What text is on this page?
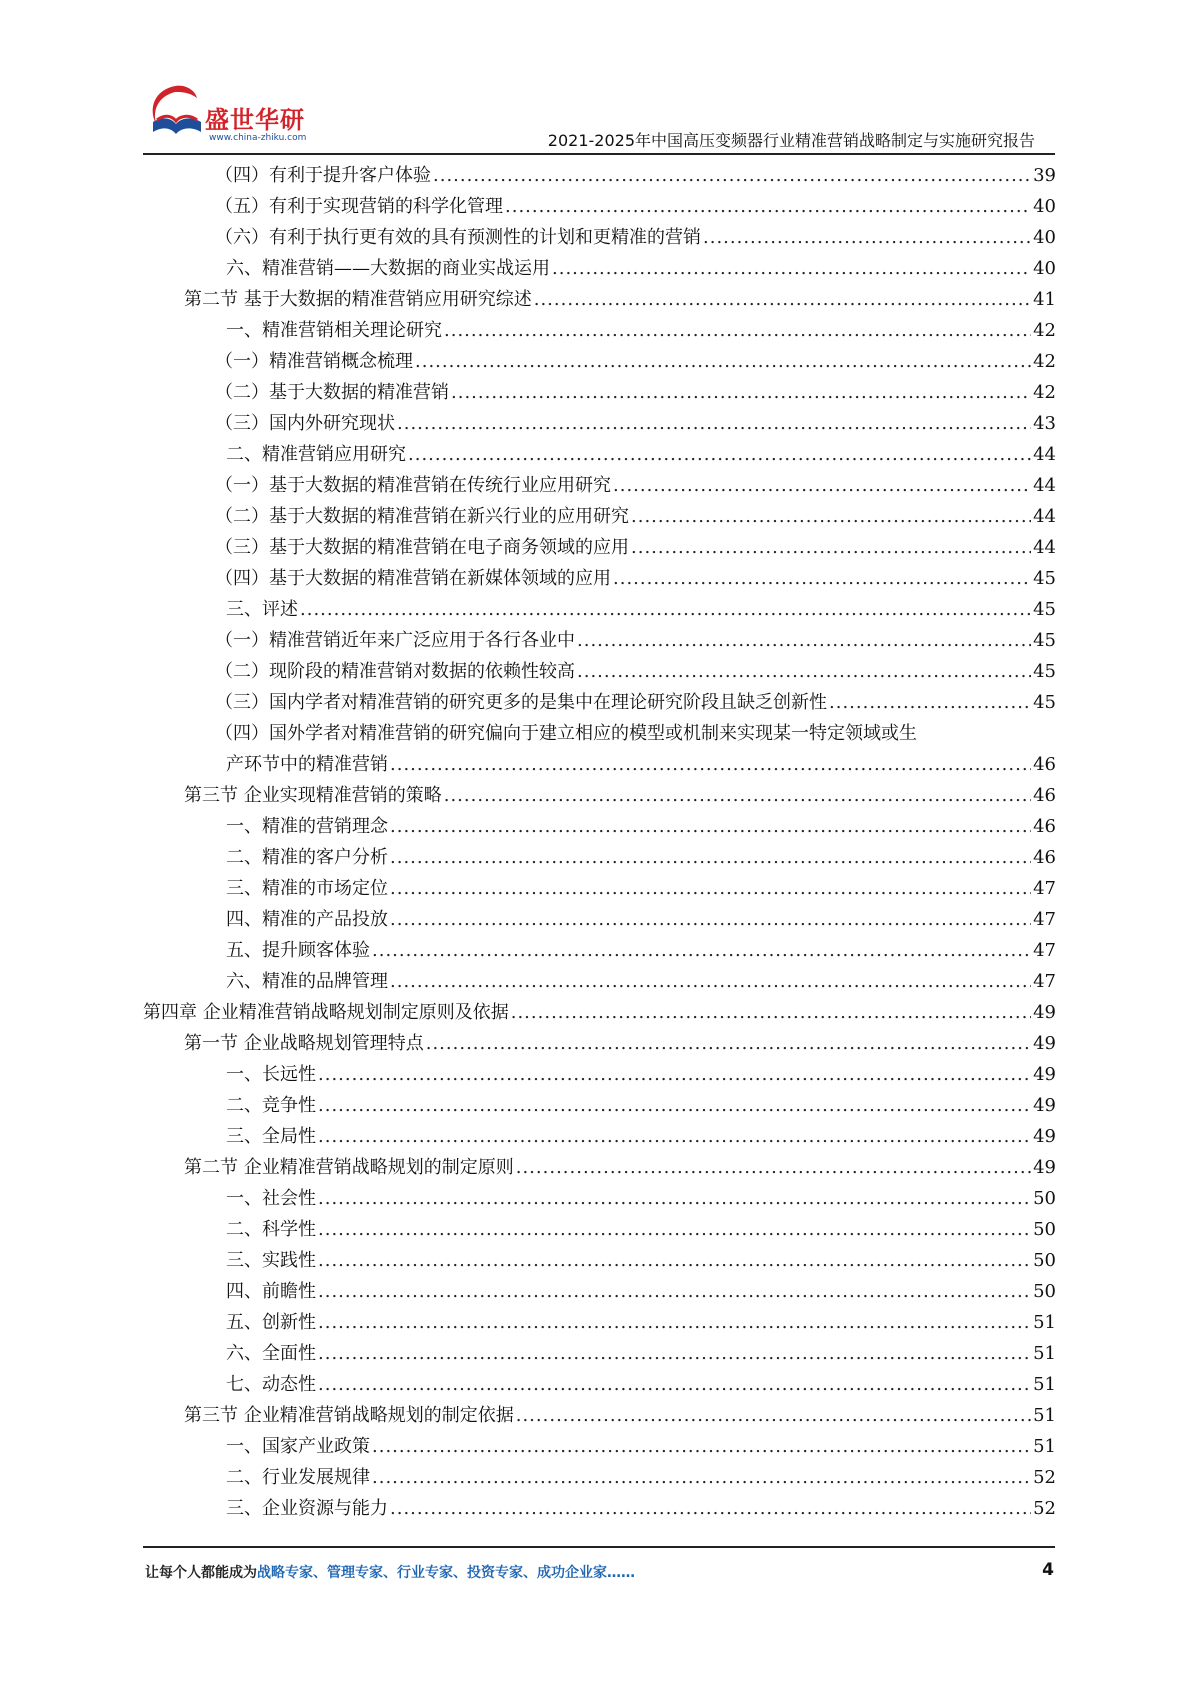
盛世华研
www.china-zhiku.com	2021-2025年中国高压变频器行业精准营销战略制定与实施研究报告
（四）有利于提升客户体验 .....	39
（五）有利于实现营销的科学化管理 .....	40
（六）有利于执行更有效的具有预测性的计划和更精准的营销 .....	40
六、精准营销——大数据的商业实战运用 .....	40
第二节 基于大数据的精准营销应用研究综述 .....	41
一、精准营销相关理论研究 .....	42
（一）精准营销概念梳理 .....	42
（二）基于大数据的精准营销 .....	42
（三）国内外研究现状 .....	43
二、精准营销应用研究 .....	44
（一）基于大数据的精准营销在传统行业应用研究 .....	44
（二）基于大数据的精准营销在新兴行业的应用研究 .....	44
（三）基于大数据的精准营销在电子商务领域的应用 .....	44
（四）基于大数据的精准营销在新媒体领域的应用 .....	45
三、评述 .....	45
（一）精准营销近年来广泛应用于各行各业中 .....	45
（二）现阶段的精准营销对数据的依赖性较高 .....	45
（三）国内学者对精准营销的研究更多的是集中在理论研究阶段且缺乏创新性 .....	45
（四）国外学者对精准营销的研究偏向于建立相应的模型或机制来实现某一特定领域或生
产环节中的精准营销 .....	46
第三节 企业实现精准营销的策略 .....	46
一、精准的营销理念 .....	46
二、精准的客户分析 .....	46
三、精准的市场定位 .....	47
四、精准的产品投放 .....	47
五、提升顾客体验 .....	47
六、精准的品牌管理 .....	47
第四章 企业精准营销战略规划制定原则及依据 .....	49
第一节 企业战略规划管理特点 .....	49
一、长远性 .....	49
二、竞争性 .....	49
三、全局性 .....	49
第二节 企业精准营销战略规划的制定原则 .....	49
一、社会性 .....	50
二、科学性 .....	50
三、实践性 .....	50
四、前瞻性 .....	50
五、创新性 .....	51
六、全面性 .....	51
七、动态性 .....	51
第三节 企业精准营销战略规划的制定依据 .....	51
一、国家产业政策 .....	51
二、行业发展规律 .....	52
三、企业资源与能力 .....	52
让每个人都能成为战略专家、管理专家、行业专家、投资专家、成功企业家……	4
